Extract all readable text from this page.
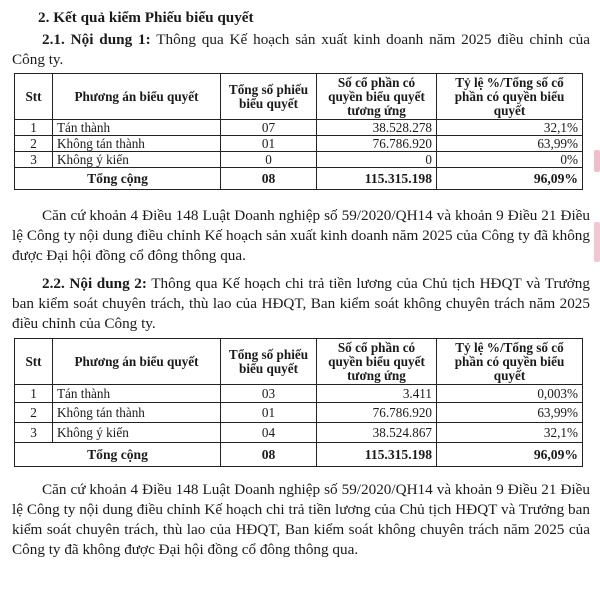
2. Kết quả kiểm Phiếu biểu quyết
2.1. Nội dung 1: Thông qua Kế hoạch sản xuất kinh doanh năm 2025 điều chỉnh của Công ty.
Stt	Phương án biểu quyết	Tổng số phiếu biểu quyết	Số cổ phần có quyền biểu quyết tương ứng	Tỷ lệ %/Tổng số cổ phần có quyền biểu quyết
1	Tán thành	07	38.528.278	32,1%
2	Không tán thành	01	76.786.920	63,99%
3	Không ý kiến	0	0	0%
Tổng cộng		08	115.315.198	96,09%
Căn cứ khoản 4 Điều 148 Luật Doanh nghiệp số 59/2020/QH14 và khoản 9 Điều 21 Điều lệ Công ty nội dung điều chỉnh Kế hoạch sản xuất kinh doanh năm 2025 của Công ty đã không được Đại hội đồng cổ đông thông qua.
2.2. Nội dung 2: Thông qua Kế hoạch chi trả tiền lương của Chủ tịch HĐQT và Trưởng ban kiểm soát chuyên trách, thù lao của HĐQT, Ban kiểm soát không chuyên trách năm 2025 điều chỉnh của Công ty.
Stt	Phương án biểu quyết	Tổng số phiếu biểu quyết	Số cổ phần có quyền biểu quyết tương ứng	Tỷ lệ %/Tổng số cổ phần có quyền biểu quyết
1	Tán thành	03	3.411	0,003%
2	Không tán thành	01	76.786.920	63,99%
3	Không ý kiến	04	38.524.867	32,1%
Tổng cộng		08	115.315.198	96,09%
Căn cứ khoản 4 Điều 148 Luật Doanh nghiệp số 59/2020/QH14 và khoản 9 Điều 21 Điều lệ Công ty nội dung điều chỉnh Kế hoạch chi trả tiền lương của Chủ tịch HĐQT và Trưởng ban kiểm soát chuyên trách, thù lao của HĐQT, Ban kiểm soát không chuyên trách năm 2025 của Công ty đã không được Đại hội đồng cổ đông thông qua.
